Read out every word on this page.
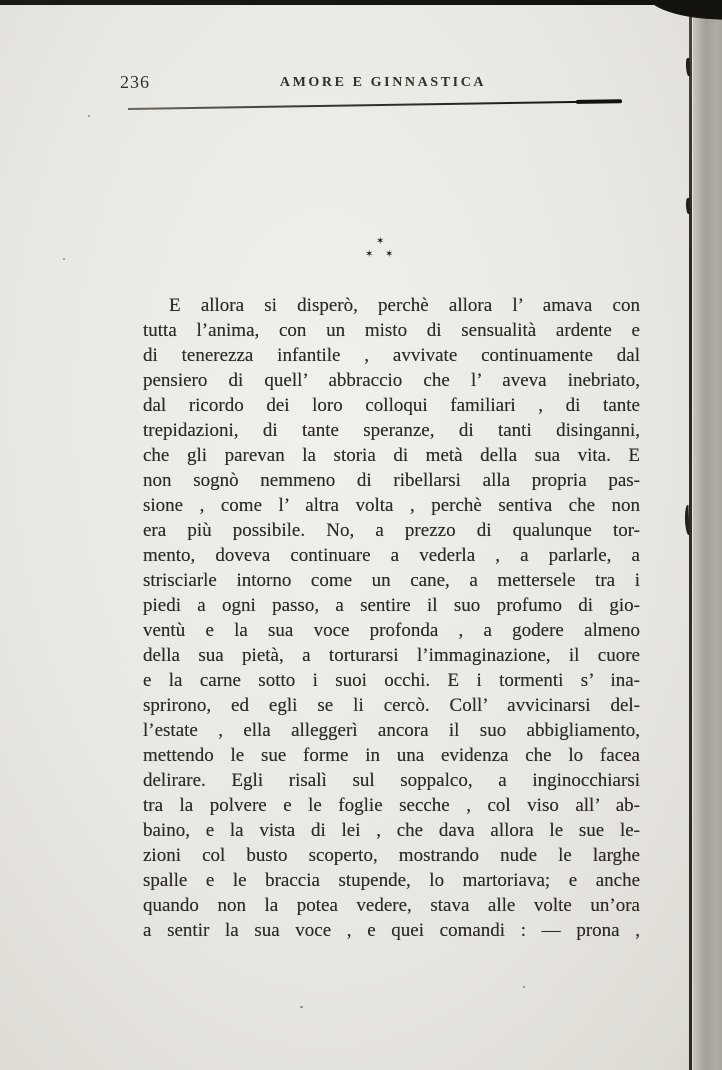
236	AMORE E GINNASTICA
✶
✶ ✶
E allora si disperò, perchè allora l’ amava con
tutta l’anima, con un misto di sensualità ardente e
di tenerezza infantile , avvivate continuamente dal
pensiero di quell’ abbraccio che l’ aveva inebriato,
dal ricordo dei loro colloqui familiari , di tante
trepidazioni, di tante speranze, di tanti disinganni,
che gli parevan la storia di metà della sua vita. E
non sognò nemmeno di ribellarsi alla propria pas-
sione , come l’ altra volta , perchè sentiva che non
era più possibile. No, a prezzo di qualunque tor-
mento, doveva continuare a vederla , a parlarle, a
strisciarle intorno come un cane, a mettersele tra i
piedi a ogni passo, a sentire il suo profumo di gio-
ventù e la sua voce profonda , a godere almeno
della sua pietà, a torturarsi l’immaginazione, il cuore
e la carne sotto i suoi occhi. E i tormenti s’ ina-
sprirono, ed egli se li cercò. Coll’ avvicinarsi del-
l’estate , ella alleggerì ancora il suo abbigliamento,
mettendo le sue forme in una evidenza che lo facea
delirare. Egli risalì sul soppalco, a inginocchiarsi
tra la polvere e le foglie secche , col viso all’ ab-
baino, e la vista di lei , che dava allora le sue le-
zioni col busto scoperto, mostrando nude le larghe
spalle e le braccia stupende, lo martoriava; e anche
quando non la potea vedere, stava alle volte un’ora
a sentir la sua voce , e quei comandi : — prona ,
